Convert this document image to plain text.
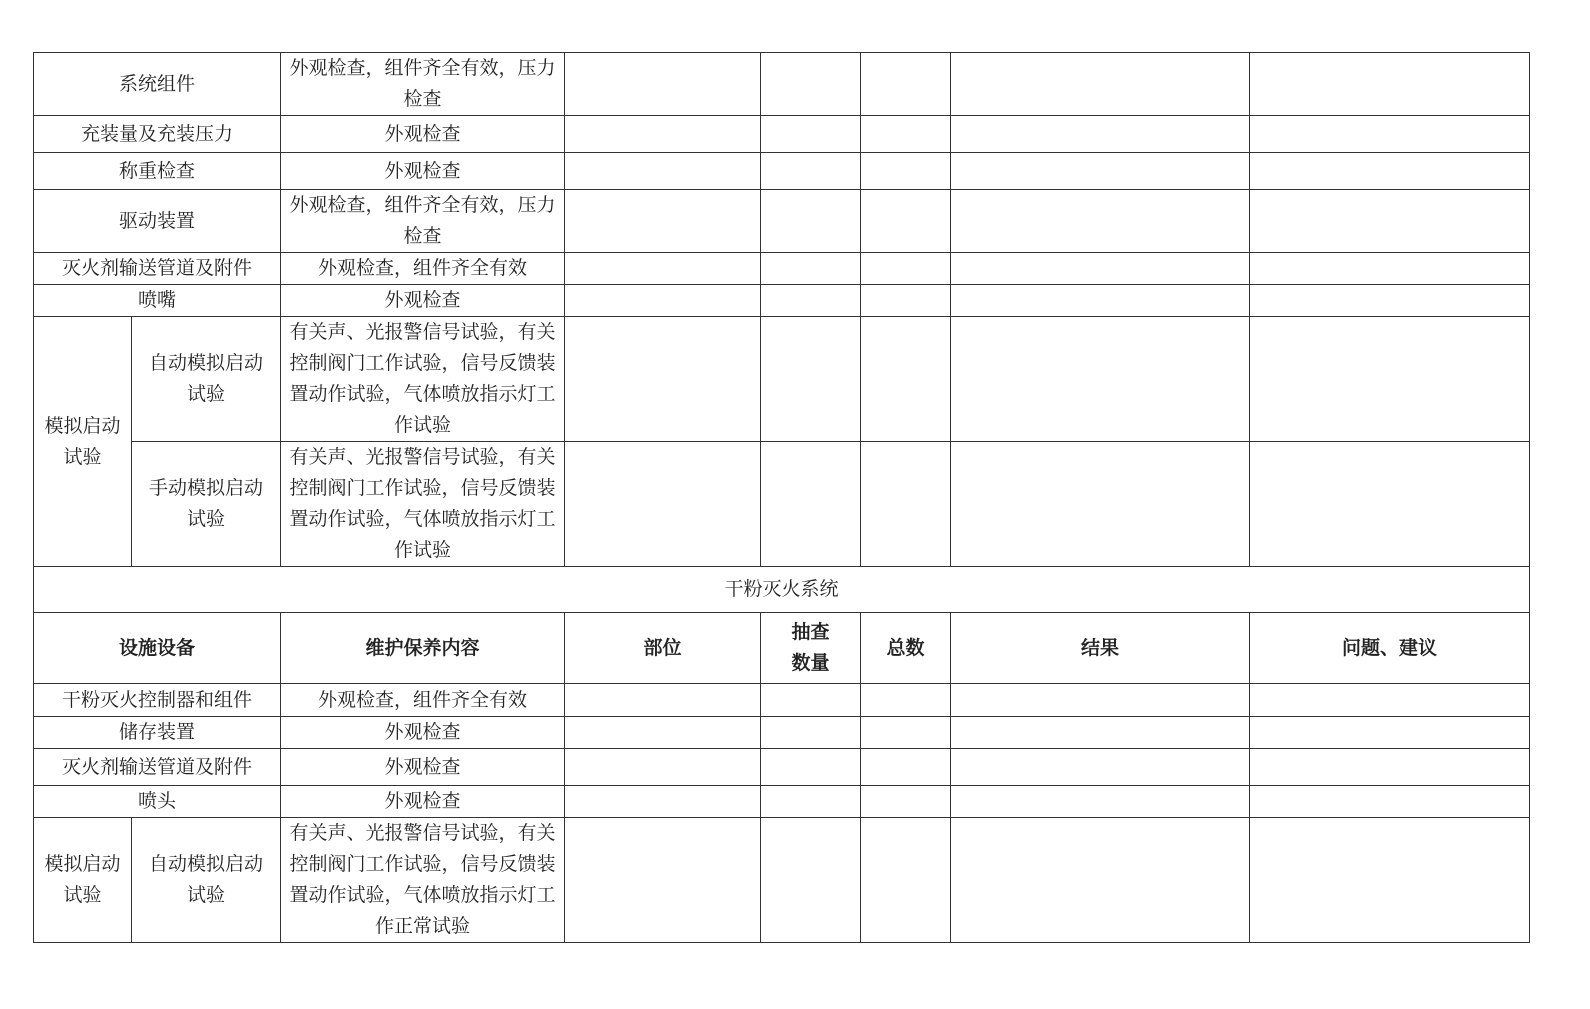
系统组件		外观检查，组件齐全有效，压力检查					
充装量及充装压力		外观检查					
称重检查		外观检查					
驱动装置		外观检查，组件齐全有效，压力检查					
灭火剂输送管道及附件		外观检查，组件齐全有效					
喷嘴		外观检查					
模拟启动试验	自动模拟启动试验	有关声、光报警信号试验，有关控制阀门工作试验，信号反馈装置动作试验，气体喷放指示灯工作试验					
	手动模拟启动试验	有关声、光报警信号试验，有关控制阀门工作试验，信号反馈装置动作试验，气体喷放指示灯工作试验					
干粉灭火系统							
设施设备		维护保养内容	部位	抽查数量	总数	结果	问题、建议
干粉灭火控制器和组件		外观检查，组件齐全有效					
储存装置		外观检查					
灭火剂输送管道及附件		外观检查					
喷头		外观检查					
模拟启动试验	自动模拟启动试验	有关声、光报警信号试验，有关控制阀门工作试验，信号反馈装置动作试验，气体喷放指示灯工作正常试验					
